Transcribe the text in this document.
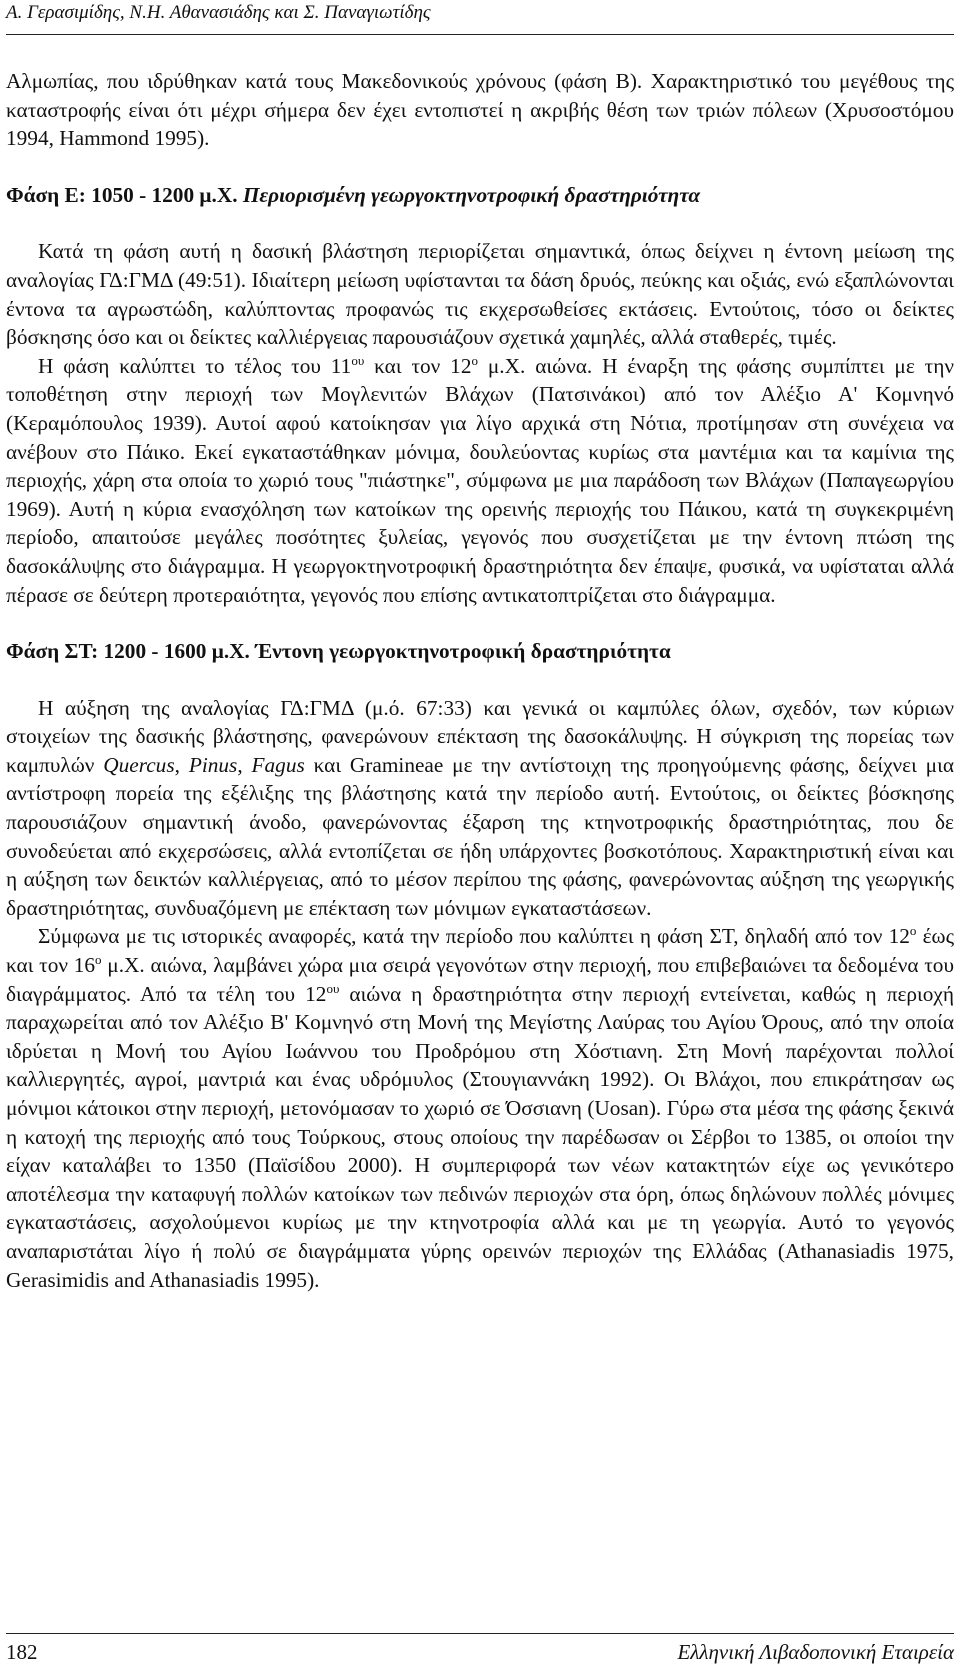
Α. Γερασιμίδης, Ν.Η. Αθανασιάδης και Σ. Παναγιωτίδης

Αλμωπίας, που ιδρύθηκαν κατά τους Μακεδονικούς χρόνους (φάση Β). Χαρακτηριστικό του μεγέθους της καταστροφής είναι ότι μέχρι σήμερα δεν έχει εντοπιστεί η ακριβής θέση των τριών πόλεων (Χρυσοστόμου 1994, Hammond 1995).

Φάση Ε: 1050 - 1200 μ.Χ. Περιορισμένη γεωργοκτηνοτροφική δραστηριότητα

Κατά τη φάση αυτή η δασική βλάστηση περιορίζεται σημαντικά, όπως δείχνει η έντονη μείωση της αναλογίας ΓΔ:ΓΜΔ (49:51). Ιδιαίτερη μείωση υφίστανται τα δάση δρυός, πεύκης και οξιάς, ενώ εξαπλώνονται έντονα τα αγρωστώδη, καλύπτοντας προφανώς τις εκχερσωθείσες εκτάσεις. Εντούτοις, τόσο οι δείκτες βόσκησης όσο και οι δείκτες καλλιέργειας παρουσιάζουν σχετικά χαμηλές, αλλά σταθερές, τιμές.

Η φάση καλύπτει το τέλος του $11^{o\upsilon}$ και τον $12^o$ μ.Χ. αιώνα. Η έναρξη της φάσης συμπίπτει με την τοποθέτηση στην περιοχή των Μογλενιτών Βλάχων (Πατσινάκοι) από τον Αλέξιο Α' Κομνηνό (Κεραμόπουλος 1939). Αυτοί αφού κατοίκησαν για λίγο αρχικά στη Νότια, προτίμησαν στη συνέχεια να ανέβουν στο Πάικο. Εκεί εγκαταστάθηκαν μόνιμα, δουλεύοντας κυρίως στα μαντέμια και τα καμίνια της περιοχής, χάρη στα οποία το χωριό τους "πιάστηκε", σύμφωνα με μια παράδοση των Βλάχων (Παπαγεωργίου 1969). Αυτή η κύρια ενασχόληση των κατοίκων της ορεινής περιοχής του Πάικου, κατά τη συγκεκριμένη περίοδο, απαιτούσε μεγάλες ποσότητες ξυλείας, γεγονός που συσχετίζεται με την έντονη πτώση της δασοκάλυψης στο διάγραμμα. Η γεωργοκτηνοτροφική δραστηριότητα δεν έπαψε, φυσικά, να υφίσταται αλλά πέρασε σε δεύτερη προτεραιότητα, γεγονός που επίσης αντικατοπτρίζεται στο διάγραμμα.

Φάση ΣΤ: 1200 - 1600 μ.Χ. Έντονη γεωργοκτηνοτροφική δραστηριότητα

Η αύξηση της αναλογίας ΓΔ:ΓΜΔ (μ.ό. 67:33) και γενικά οι καμπύλες όλων, σχεδόν, των κύριων στοιχείων της δασικής βλάστησης, φανερώνουν επέκταση της δασοκάλυψης. Η σύγκριση της πορείας των καμπυλών Quercus, Pinus, Fagus και Gramineae με την αντίστοιχη της προηγούμενης φάσης, δείχνει μια αντίστροφη πορεία της εξέλιξης της βλάστησης κατά την περίοδο αυτή. Εντούτοις, οι δείκτες βόσκησης παρουσιάζουν σημαντική άνοδο, φανερώνοντας έξαρση της κτηνοτροφικής δραστηριότητας, που δε συνοδεύεται από εκχερσώσεις, αλλά εντοπίζεται σε ήδη υπάρχοντες βοσκοτόπους. Χαρακτηριστική είναι και η αύξηση των δεικτών καλλιέργειας, από το μέσον περίπου της φάσης, φανερώνοντας αύξηση της γεωργικής δραστηριότητας, συνδυαζόμενη με επέκταση των μόνιμων εγκαταστάσεων.

Σύμφωνα με τις ιστορικές αναφορές, κατά την περίοδο που καλύπτει η φάση ΣΤ, δηλαδή από τον $12^o$ έως και τον $16^o$ μ.Χ. αιώνα, λαμβάνει χώρα μια σειρά γεγονότων στην περιοχή, που επιβεβαιώνει τα δεδομένα του διαγράμματος. Από τα τέλη του $12^{o\upsilon}$ αιώνα η δραστηριότητα στην περιοχή εντείνεται, καθώς η περιοχή παραχωρείται από τον Αλέξιο Β' Κομνηνό στη Μονή της Μεγίστης Λαύρας του Αγίου Όρους, από την οποία ιδρύεται η Μονή του Αγίου Ιωάννου του Προδρόμου στη Χόστιανη. Στη Μονή παρέχονται πολλοί καλλιεργητές, αγροί, μαντριά και ένας υδρόμυλος (Στουγιαννάκη 1992). Οι Βλάχοι, που επικράτησαν ως μόνιμοι κάτοικοι στην περιοχή, μετονόμασαν το χωριό σε Όσσιανη (Uosan). Γύρω στα μέσα της φάσης ξεκινά η κατοχή της περιοχής από τους Τούρκους, στους οποίους την παρέδωσαν οι Σέρβοι το 1385, οι οποίοι την είχαν καταλάβει το 1350 (Παϊσίδου 2000). Η συμπεριφορά των νέων κατακτητών είχε ως γενικότερο αποτέλεσμα την καταφυγή πολλών κατοίκων των πεδινών περιοχών στα όρη, όπως δηλώνουν πολλές μόνιμες εγκαταστάσεις, ασχολούμενοι κυρίως με την κτηνοτροφία αλλά και με τη γεωργία. Αυτό το γεγονός αναπαριστάται λίγο ή πολύ σε διαγράμματα γύρης ορεινών περιοχών της Ελλάδας (Athanasiadis 1975, Gerasimidis and Athanasiadis 1995).

182	Ελληνική Λιβαδοπονική Εταιρεία
